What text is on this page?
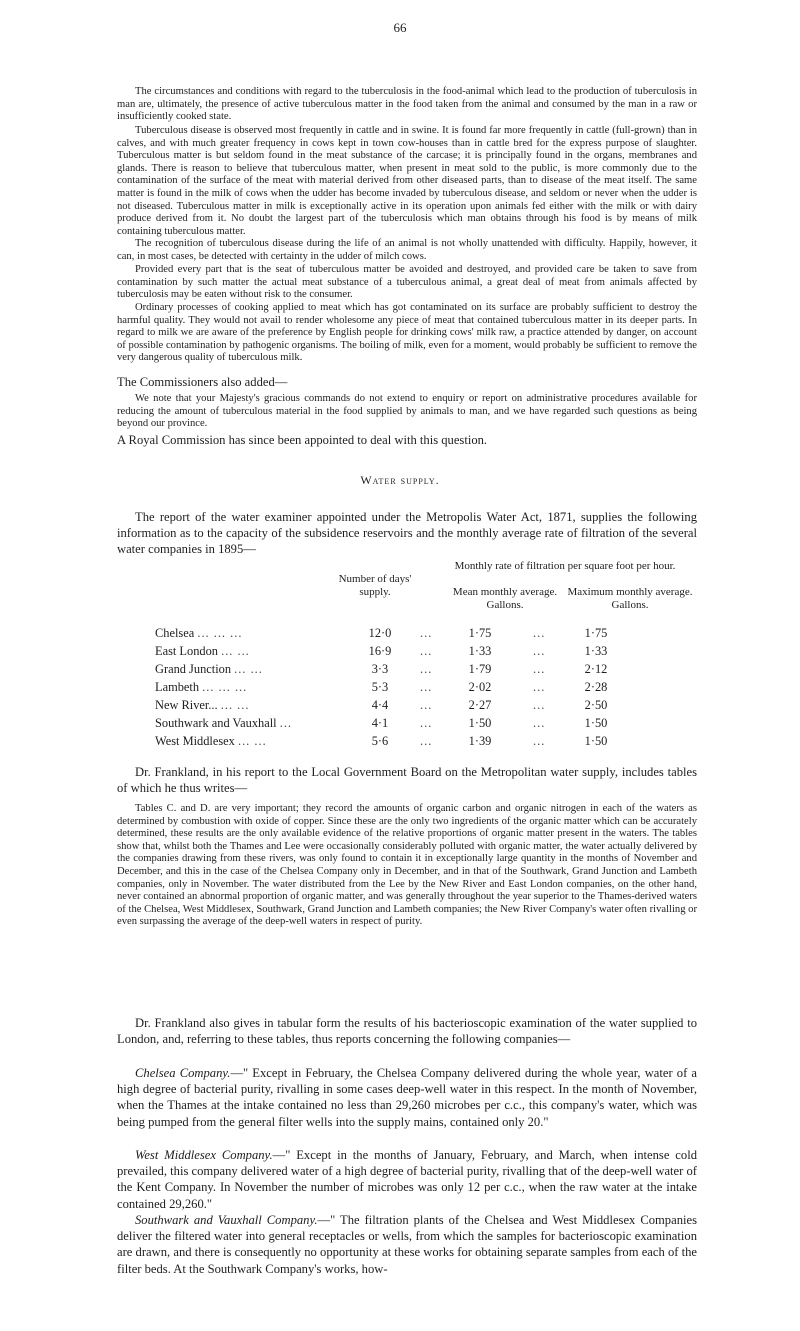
66

The circumstances and conditions with regard to the tuberculosis in the food-animal which lead to the production of tuberculosis in man are, ultimately, the presence of active tuberculous matter in the food taken from the animal and consumed by the man in a raw or insufficiently cooked state.

Tuberculous disease is observed most frequently in cattle and in swine. It is found far more frequently in cattle (full-grown) than in calves, and with much greater frequency in cows kept in town cow-houses than in cattle bred for the express purpose of slaughter. Tuberculous matter is but seldom found in the meat substance of the carcase; it is principally found in the organs, membranes and glands. There is reason to believe that tuberculous matter, when present in meat sold to the public, is more commonly due to the contamination of the surface of the meat with material derived from other diseased parts, than to disease of the meat itself. The same matter is found in the milk of cows when the udder has become invaded by tuberculous disease, and seldom or never when the udder is not diseased. Tuberculous matter in milk is exceptionally active in its operation upon animals fed either with the milk or with dairy produce derived from it. No doubt the largest part of the tuberculosis which man obtains through his food is by means of milk containing tuberculous matter.

The recognition of tuberculous disease during the life of an animal is not wholly unattended with difficulty. Happily, however, it can, in most cases, be detected with certainty in the udder of milch cows.

Provided every part that is the seat of tuberculous matter be avoided and destroyed, and provided care be taken to save from contamination by such matter the actual meat substance of a tuberculous animal, a great deal of meat from animals affected by tuberculosis may be eaten without risk to the consumer.

Ordinary processes of cooking applied to meat which has got contaminated on its surface are probably sufficient to destroy the harmful quality. They would not avail to render wholesome any piece of meat that contained tuberculous matter in its deeper parts. In regard to milk we are aware of the preference by English people for drinking cows' milk raw, a practice attended by danger, on account of possible contamination by pathogenic organisms. The boiling of milk, even for a moment, would probably be sufficient to remove the very dangerous quality of tuberculous milk.

The Commissioners also added—

We note that your Majesty's gracious commands do not extend to enquiry or report on administrative procedures available for reducing the amount of tuberculous material in the food supplied by animals to man, and we have regarded such questions as being beyond our province.

A Royal Commission has since been appointed to deal with this question.

Water supply.

The report of the water examiner appointed under the Metropolis Water Act, 1871, supplies the following information as to the capacity of the subsidence reservoirs and the monthly average rate of filtration of the several water companies in 1895—

Number of days' supply.
Monthly rate of filtration per square foot per hour.
Mean monthly average. Gallons.
Maximum monthly average. Gallons.
Chelsea ... ... ...	12·0	...	1·75	...	1·75
East London ... ...	16·9	...	1·33	...	1·33
Grand Junction ... ...	3·3	...	1·79	...	2·12
Lambeth ... ... ...	5·3	...	2·02	...	2·28
New River... ... ...	4·4	...	2·27	...	2·50
Southwark and Vauxhall ...	4·1	...	1·50	...	1·50
West Middlesex ... ...	5·6	...	1·39	...	1·50

Dr. Frankland, in his report to the Local Government Board on the Metropolitan water supply, includes tables of which he thus writes—

Tables C. and D. are very important; they record the amounts of organic carbon and organic nitrogen in each of the waters as determined by combustion with oxide of copper. Since these are the only two ingredients of the organic matter which can be accurately determined, these results are the only available evidence of the relative proportions of organic matter present in the waters. The tables show that, whilst both the Thames and Lee were occasionally considerably polluted with organic matter, the water actually delivered by the companies drawing from these rivers, was only found to contain it in exceptionally large quantity in the months of November and December, and this in the case of the Chelsea Company only in December, and in that of the Southwark, Grand Junction and Lambeth companies, only in November. The water distributed from the Lee by the New River and East London companies, on the other hand, never contained an abnormal proportion of organic matter, and was generally throughout the year superior to the Thames-derived waters of the Chelsea, West Middlesex, Southwark, Grand Junction and Lambeth companies; the New River Company's water often rivalling or even surpassing the average of the deep-well waters in respect of purity.

Dr. Frankland also gives in tabular form the results of his bacterioscopic examination of the water supplied to London, and, referring to these tables, thus reports concerning the following companies—

Chelsea Company.—" Except in February, the Chelsea Company delivered during the whole year, water of a high degree of bacterial purity, rivalling in some cases deep-well water in this respect. In the month of November, when the Thames at the intake contained no less than 29,260 microbes per c.c., this company's water, which was being pumped from the general filter wells into the supply mains, contained only 20."

West Middlesex Company.—" Except in the months of January, February, and March, when intense cold prevailed, this company delivered water of a high degree of bacterial purity, rivalling that of the deep-well water of the Kent Company. In November the number of microbes was only 12 per c.c., when the raw water at the intake contained 29,260."

Southwark and Vauxhall Company.—" The filtration plants of the Chelsea and West Middlesex Companies deliver the filtered water into general receptacles or wells, from which the samples for bacterioscopic examination are drawn, and there is consequently no opportunity at these works for obtaining separate samples from each of the filter beds. At the Southwark Company's works, how-
